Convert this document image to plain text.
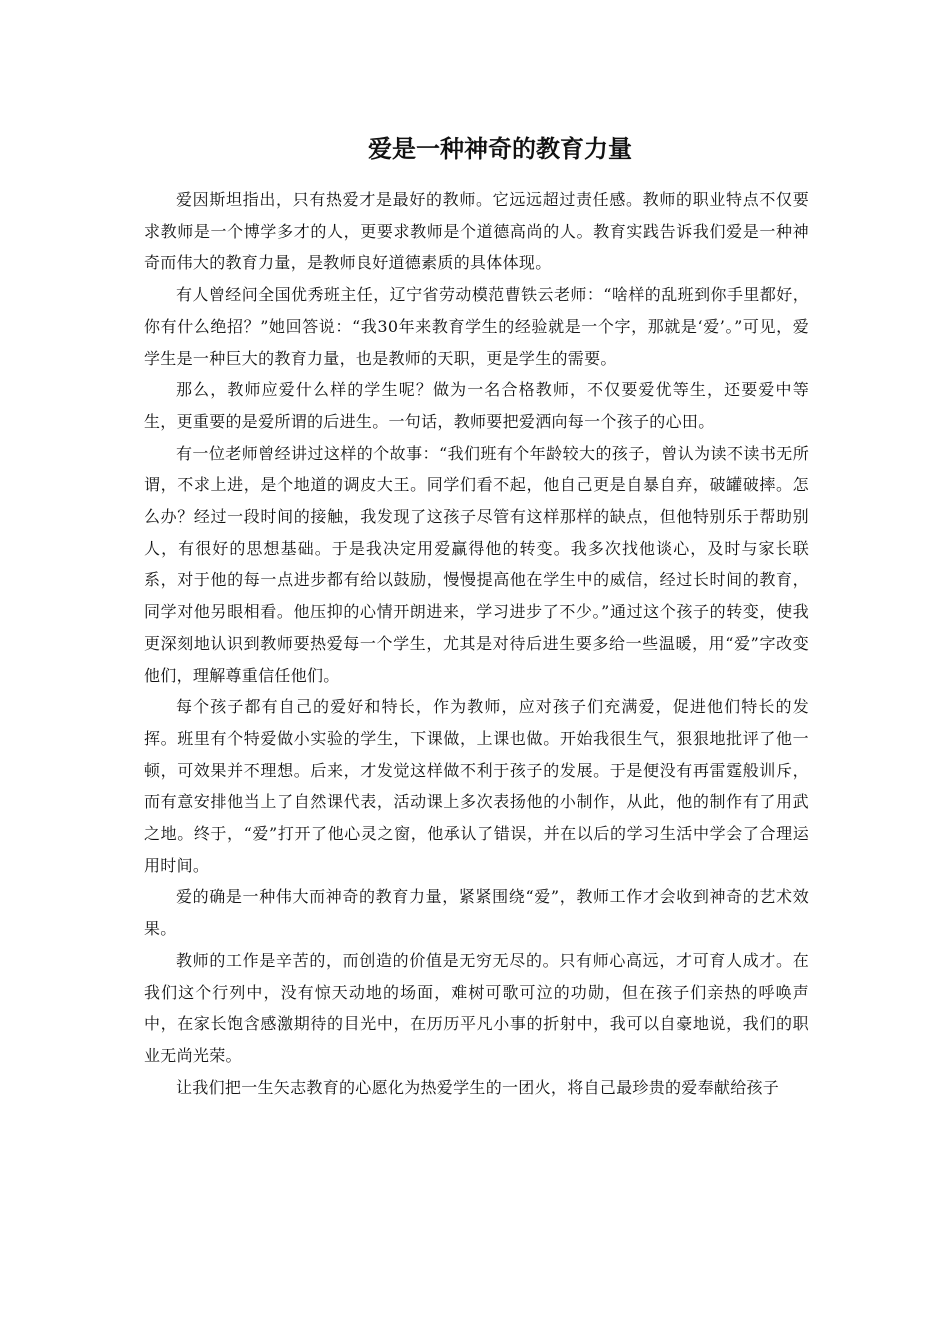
爱是一种神奇的教育力量

爱因斯坦指出，只有热爱才是最好的教师。它远远超过责任感。教师的职业特点不仅要求教师是一个博学多才的人，更要求教师是个道德高尚的人。教育实践告诉我们爱是一种神奇而伟大的教育力量，是教师良好道德素质的具体体现。

有人曾经问全国优秀班主任，辽宁省劳动模范曹铁云老师：“啥样的乱班到你手里都好，你有什么绝招？”她回答说：“我30年来教育学生的经验就是一个字，那就是‘爱’。”可见，爱学生是一种巨大的教育力量，也是教师的天职，更是学生的需要。

那么，教师应爱什么样的学生呢？做为一名合格教师，不仅要爱优等生，还要爱中等生，更重要的是爱所谓的后进生。一句话，教师要把爱洒向每一个孩子的心田。

有一位老师曾经讲过这样的个故事：“我们班有个年龄较大的孩子，曾认为读不读书无所谓，不求上进，是个地道的调皮大王。同学们看不起，他自己更是自暴自弃，破罐破摔。怎么办？经过一段时间的接触，我发现了这孩子尽管有这样那样的缺点，但他特别乐于帮助别人，有很好的思想基础。于是我决定用爱赢得他的转变。我多次找他谈心，及时与家长联系，对于他的每一点进步都有给以鼓励，慢慢提高他在学生中的威信，经过长时间的教育，同学对他另眼相看。他压抑的心情开朗进来，学习进步了不少。”通过这个孩子的转变，使我更深刻地认识到教师要热爱每一个学生，尤其是对待后进生要多给一些温暖，用“爱”字改变他们，理解尊重信任他们。

每个孩子都有自己的爱好和特长，作为教师，应对孩子们充满爱，促进他们特长的发挥。班里有个特爱做小实验的学生，下课做，上课也做。开始我很生气，狠狠地批评了他一顿，可效果并不理想。后来，才发觉这样做不利于孩子的发展。于是便没有再雷霆般训斥，而有意安排他当上了自然课代表，活动课上多次表扬他的小制作，从此，他的制作有了用武之地。终于，“爱”打开了他心灵之窗，他承认了错误，并在以后的学习生活中学会了合理运用时间。

爱的确是一种伟大而神奇的教育力量，紧紧围绕“爱”，教师工作才会收到神奇的艺术效果。

教师的工作是辛苦的，而创造的价值是无穷无尽的。只有师心高远，才可育人成才。在我们这个行列中，没有惊天动地的场面，难树可歌可泣的功勋，但在孩子们亲热的呼唤声中，在家长饱含感激期待的目光中，在历历平凡小事的折射中，我可以自豪地说，我们的职业无尚光荣。

让我们把一生矢志教育的心愿化为热爱学生的一团火，将自己最珍贵的爱奉献给孩子
